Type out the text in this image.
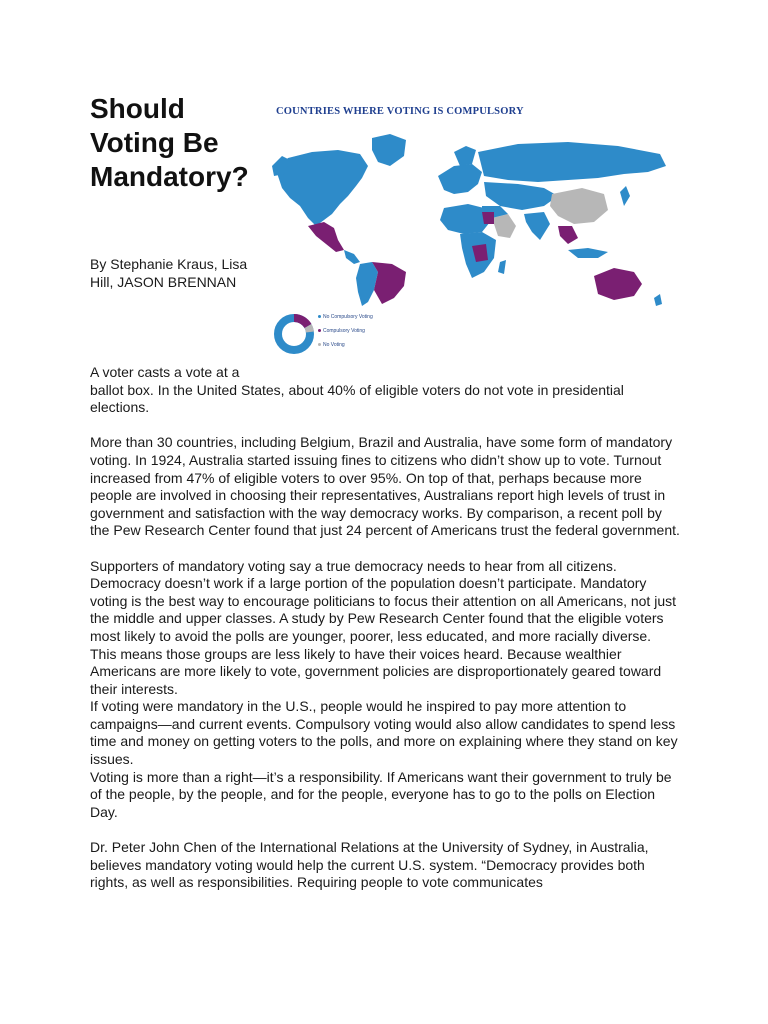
Should Voting Be Mandatory?
By Stephanie Kraus, Lisa Hill, JASON BRENNAN
COUNTRIES WHERE VOTING IS COMPULSORY
No Compulsory Voting
Compulsory Voting
No Voting

A voter casts a vote at a

ballot box. In the United States, about 40% of eligible voters do not vote in presidential elections.

More than 30 countries, including Belgium, Brazil and Australia, have some form of mandatory voting. In 1924, Australia started issuing fines to citizens who didn’t show up to vote. Turnout increased from 47% of eligible voters to over 95%. On top of that, perhaps because more people are involved in choosing their representatives, Australians report high levels of trust in government and satisfaction with the way democracy works. By comparison, a recent poll by the Pew Research Center found that just 24 percent of Americans trust the federal government.

Supporters of mandatory voting say a true democracy needs to hear from all citizens. Democracy doesn’t work if a large portion of the population doesn’t participate. Mandatory voting is the best way to encourage politicians to focus their attention on all Americans, not just the middle and upper classes. A study by Pew Research Center found that the eligible voters most likely to avoid the polls are younger, poorer, less educated, and more racially diverse. This means those groups are less likely to have their voices heard. Because wealthier Americans are more likely to vote, government policies are disproportionately geared toward their interests.

If voting were mandatory in the U.S., people would he inspired to pay more attention to campaigns—and current events. Compulsory voting would also allow candidates to spend less time and money on getting voters to the polls, and more on explaining where they stand on key issues.

Voting is more than a right—it’s a responsibility. If Americans want their government to truly be of the people, by the people, and for the people, everyone has to go to the polls on Election Day.

Dr. Peter John Chen of the International Relations at the University of Sydney, in Australia, believes mandatory voting would help the current U.S. system. “Democracy provides both rights, as well as responsibilities. Requiring people to vote communicates
